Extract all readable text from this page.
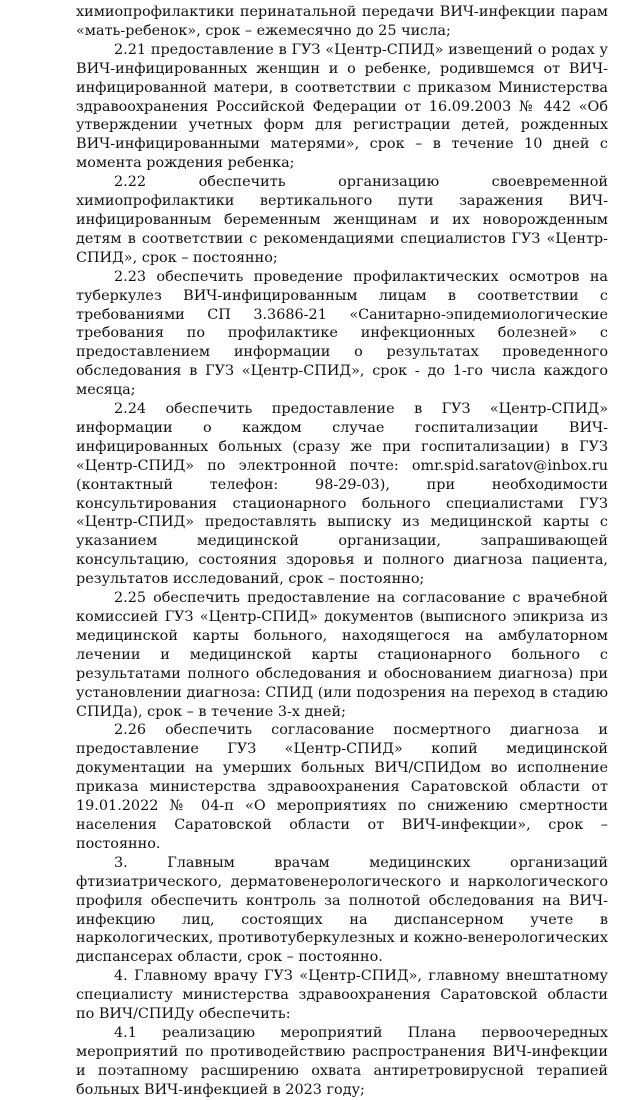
химиопрофилактики перинатальной передачи ВИЧ-инфекции парам «мать-ребенок», срок – ежемесячно до 25 числа;

2.21 предоставление в ГУЗ «Центр-СПИД» извещений о родах у ВИЧ-инфицированных женщин и о ребенке, родившемся от ВИЧ-инфицированной матери, в соответствии с приказом Министерства здравоохранения Российской Федерации от 16.09.2003 № 442 «Об утверждении учетных форм для регистрации детей, рожденных ВИЧ-инфицированными матерями», срок – в течение 10 дней с момента рождения ребенка;

2.22 обеспечить организацию своевременной химиопрофилактики вертикального пути заражения ВИЧ-инфицированным беременным женщинам и их новорожденным детям в соответствии с рекомендациями специалистов ГУЗ «Центр-СПИД», срок – постоянно;

2.23 обеспечить проведение профилактических осмотров на туберкулез ВИЧ-инфицированным лицам в соответствии с требованиями СП 3.3686-21 «Санитарно-эпидемиологические требования по профилактике инфекционных болезней» с предоставлением информации о результатах проведенного обследования в ГУЗ «Центр-СПИД», срок - до 1-го числа каждого месяца;

2.24 обеспечить предоставление в ГУЗ «Центр-СПИД» информации о каждом случае госпитализации ВИЧ-инфицированных больных (сразу же при госпитализации) в ГУЗ «Центр-СПИД» по электронной почте: omr.spid.saratov@inbox.ru (контактный телефон: 98-29-03), при необходимости консультирования стационарного больного специалистами ГУЗ «Центр-СПИД» предоставлять выписку из медицинской карты с указанием медицинской организации, запрашивающей консультацию, состояния здоровья и полного диагноза пациента, результатов исследований, срок – постоянно;

2.25 обеспечить предоставление на согласование с врачебной комиссией ГУЗ «Центр-СПИД» документов (выписного эпикриза из медицинской карты больного, находящегося на амбулаторном лечении и медицинской карты стационарного больного с результатами полного обследования и обоснованием диагноза) при установлении диагноза: СПИД (или подозрения на переход в стадию СПИДа), срок – в течение 3-х дней;

2.26 обеспечить согласование посмертного диагноза и предоставление ГУЗ «Центр-СПИД» копий медицинской документации на умерших больных ВИЧ/СПИДом во исполнение приказа министерства здравоохранения Саратовской области от 19.01.2022 № 04-п «О мероприятиях по снижению смертности населения Саратовской области от ВИЧ-инфекции», срок – постоянно.

3. Главным врачам медицинских организаций фтизиатрического, дерматовенерологического и наркологического профиля обеспечить контроль за полнотой обследования на ВИЧ-инфекцию лиц, состоящих на диспансерном учете в наркологических, противотуберкулезных и кожно-венерологических диспансерах области, срок – постоянно.

4. Главному врачу ГУЗ «Центр-СПИД», главному внештатному специалисту министерства здравоохранения Саратовской области по ВИЧ/СПИДу обеспечить:

4.1 реализацию мероприятий Плана первоочередных мероприятий по противодействию распространения ВИЧ-инфекции и поэтапному расширению охвата антиретровирусной терапией больных ВИЧ-инфекцией в 2023 году;
